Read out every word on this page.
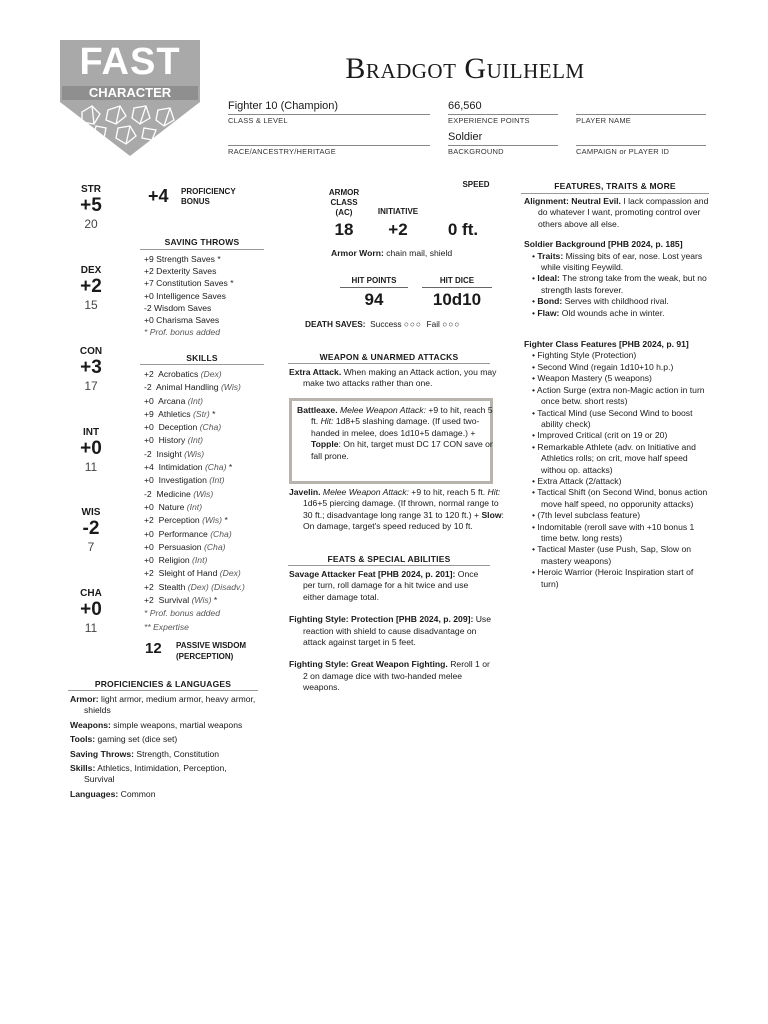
FAST
CHARACTER
Bradgot Guilhelm
Fighter 10 (Champion)
CLASS & LEVEL
66,560
EXPERIENCE POINTS	PLAYER NAME
RACE/ANCESTRY/HERITAGE
Soldier
BACKGROUND	CAMPAIGN or PLAYER ID
STR
+5
20
DEX
+2
15
CON
+3
17
INT
+0
11
WIS
-2
7
CHA
+0
11
+4 PROFICIENCY
BONUS
SAVING THROWS
+9 Strength Saves *
+2 Dexterity Saves
+7 Constitution Saves *
+0 Intelligence Saves
-2 Wisdom Saves
+0 Charisma Saves
* Prof. bonus added
SKILLS
+2 Acrobatics (Dex)
-2 Animal Handling (Wis)
+0 Arcana (Int)
+9 Athletics (Str) *
+0 Deception (Cha)
+0 History (Int)
-2 Insight (Wis)
+4 Intimidation (Cha) *
+0 Investigation (Int)
-2 Medicine (Wis)
+0 Nature (Int)
+2 Perception (Wis) *
+0 Performance (Cha)
+0 Persuasion (Cha)
+0 Religion (Int)
+2 Sleight of Hand (Dex)
+2 Stealth (Dex) (Disadv.)
+2 Survival (Wis) *
* Prof. bonus added
** Expertise
12 PASSIVE WISDOM
(PERCEPTION)
PROFICIENCIES & LANGUAGES
Armor: light armor, medium armor, heavy armor, shields
Weapons: simple weapons, martial weapons
Tools: gaming set (dice set)
Saving Throws: Strength, Constitution
Skills: Athletics, Intimidation, Perception, Survival
Languages: Common
ARMOR
CLASS
(AC)
18
INITIATIVE
+2
SPEED
0 ft.
Armor Worn: chain mail, shield
HIT POINTS
94
HIT DICE
10d10
DEATH SAVES: Success ○○○ Fail ○○○
WEAPON & UNARMED ATTACKS
Extra Attack. When making an Attack action, you may make two attacks rather than one.
Battleaxe. Melee Weapon Attack: +9 to hit, reach 5 ft. Hit: 1d8+5 slashing damage. (If used two-handed in melee, does 1d10+5 damage.) + Topple: On hit, target must DC 17 CON save or fall prone.
Javelin. Melee Weapon Attack: +9 to hit, reach 5 ft. Hit: 1d6+5 piercing damage. (If thrown, normal range to 30 ft.; disadvantage long range 31 to 120 ft.) + Slow: On damage, target's speed reduced by 10 ft.
FEATS & SPECIAL ABILITIES
Savage Attacker Feat [PHB 2024, p. 201]: Once per turn, roll damage for a hit twice and use either damage total.
Fighting Style: Protection [PHB 2024, p. 209]: Use reaction with shield to cause disadvantage on attack against target in 5 feet.
Fighting Style: Great Weapon Fighting. Reroll 1 or 2 on damage dice with two-handed melee weapons.
FEATURES, TRAITS & MORE
Alignment: Neutral Evil. I lack compassion and do whatever I want, promoting control over others above all else.
Soldier Background [PHB 2024, p. 185]
• Traits: Missing bits of ear, nose. Lost years while visiting Feywild.
• Ideal: The strong take from the weak, but no strength lasts forever.
• Bond: Serves with childhood rival.
• Flaw: Old wounds ache in winter.
Fighter Class Features [PHB 2024, p. 91]
• Fighting Style (Protection)
• Second Wind (regain 1d10+10 h.p.)
• Weapon Mastery (5 weapons)
• Action Surge (extra non-Magic action in turn once betw. short rests)
• Tactical Mind (use Second Wind to boost ability check)
• Improved Critical (crit on 19 or 20)
• Remarkable Athlete (adv. on Initiative and Athletics rolls; on crit, move half speed withou op. attacks)
• Extra Attack (2/attack)
• Tactical Shift (on Second Wind, bonus action move half speed, no opporunity attacks)
• (7th level subclass feature)
• Indomitable (reroll save with +10 bonus 1 time betw. long rests)
• Tactical Master (use Push, Sap, Slow on mastery weapons)
• Heroic Warrior (Heroic Inspiration start of turn)
